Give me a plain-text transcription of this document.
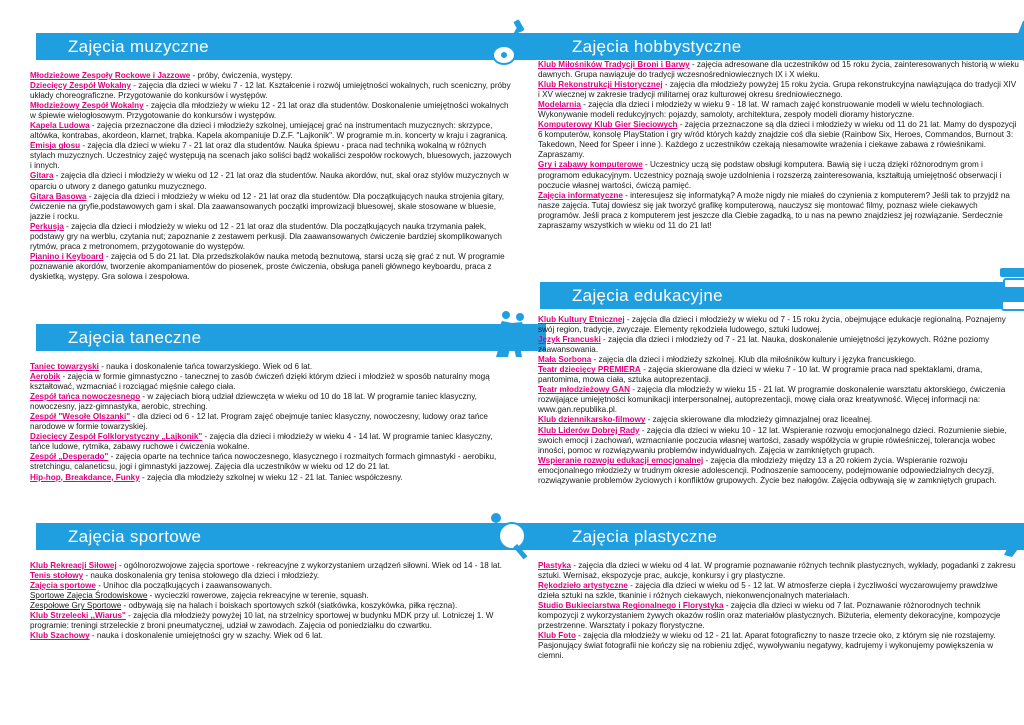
Zajęcia muzyczne

Młodzieżowe Zespoły Rockowe i Jazzowe - próby, ćwiczenia, występy.

Dziecięcy Zespół Wokalny - zajęcia dla dzieci w wieku 7 - 12 lat. Kształcenie i rozwój umiejętności wokalnych, ruch sceniczny, próby układy choreograficzne. Przygotowanie do konkursów i występów.

Młodzieżowy Zespół Wokalny - zajęcia dla młodzieży w wieku 12 - 21 lat oraz dla studentów. Doskonalenie umiejętności wokalnych w śpiewie wielogłosowym. Przygotowanie do konkursów i występów.

Kapela Ludowa - zajęcia przeznaczone dla dzieci i młodzieży szkolnej, umiejącej grać na instrumentach muzycznych: skrzypce, altówka, kontrabas, akordeon, klarnet, trąbka. Kapela akompaniuje D.Z.F. "Lajkonik". W programie m.in. koncerty w kraju i zagranicą.

Emisja głosu - zajęcia dla dzieci w wieku 7 - 21 lat oraz dla studentów. Nauka śpiewu - praca nad techniką wokalną w różnych stylach muzycznych. Uczestnicy zajęć występują na scenach jako soliści bądź wokaliści zespołów rockowych, bluesowych, jazzowych i innych.

Gitara - zajęcia dla dzieci i młodzieży w wieku od 12 - 21 lat oraz dla studentów. Nauka akordów, nut, skal oraz stylów muzycznych w oparciu o utwory z danego gatunku muzycznego.

Gitara Basowa - zajęcia dla dzieci i młodzieży w wieku od 12 - 21 lat oraz dla studentów. Dla początkujących nauka strojenia gitary, ćwiczenie na gryfie,podstawowych gam i skal. Dla zaawansowanych początki improwizacji bluesowej, skale stosowane w bluesie, jazzie i rocku.

Perkusja - zajęcia dla dzieci i młodzieży w wieku od 12 - 21 lat oraz dla studentów. Dla początkujących nauka trzymania pałek, podstawy gry na werblu, czytania nut; zapoznanie z zestawem perkusji. Dla zaawansowanych ćwiczenie bardziej skomplikowanych rytmów, praca z metronomem, przygotowanie do występów.

Pianino i Keyboard - zajęcia od 5 do 21 lat. Dla przedszkolaków nauka metodą beznutową, starsi uczą się grać z nut. W programie poznawanie akordów, tworzenie akompaniamentów do piosenek, proste ćwiczenia, obsługa paneli głównego keyboardu, praca z dyskietką, występy. Gra solowa i zespołowa.

Zajęcia taneczne

Taniec towarzyski - nauka i doskonalenie tańca towarzyskiego. Wiek od 6 lat.

Aerobik - zajęcia w formie gimnastyczno - tanecznej to zasób ćwiczeń dzięki którym dzieci i młodzież w sposób naturalny mogą kształtować, wzmacniać i rozciągać mięśnie całego ciała.

Zespół tańca nowoczesnego - w zajęciach biorą udział dziewczęta w wieku od 10 do 18 lat. W programie taniec klasyczny, nowoczesny, jazz-gimnastyka, aerobic, streching.

Zespół "Wesołe Olszanki" - dla dzieci od 6 - 12 lat. Program zajęć obejmuje taniec klasyczny, nowoczesny, ludowy oraz tańce narodowe w formie towarzyskiej.

Dziecięcy Zespół Folklorystyczny „Lajkonik" - zajęcia dla dzieci i młodzieży w wieku 4 - 14 lat. W programie taniec klasyczny, tańce ludowe, rytmika, zabawy ruchowe i ćwiczenia wokalne.

Zespół „Desperado" - zajęcia oparte na technice tańca nowoczesnego, klasycznego i rozmaitych formach gimnastyki - aerobiku, stretchingu, calaneticsu, jogi i gimnastyki jazzowej. Zajęcia dla uczestników w wieku od 12 do 21 lat.

Hip-hop, Breakdance, Funky - zajęcia dla młodzieży szkolnej w wieku 12 - 21 lat. Taniec współczesny.

Zajęcia sportowe

Klub Rekreacji Siłowej - ogólnorozwojowe zajęcia sportowe - rekreacyjne z wykorzystaniem urządzeń siłowni. Wiek od 14 - 18 lat.

Tenis stołowy - nauka doskonalenia gry tenisa stołowego dla dzieci i młodzieży.

Zajęcia sportowe - Unihoc dla początkujących i zaawansowanych.

Sportowe Zajęcia Środowiskowe - wycieczki rowerowe, zajęcia rekreacyjne w terenie, squash.

Zespołowe Gry Sportowe - odbywają się na halach i boiskach sportowych szkół (siatkówka, koszykówka, piłka ręczna).

Klub Strzelecki ,,Wiarus" - zajęcia dla młodzieży powyżej 10 lat, na strzelnicy sportowej w budynku MDK przy ul. Lotniczej 1. W programie: treningi strzeleckie z broni pneumatycznej, udział w zawodach. Zajęcia od poniedziałku do czwartku.

Klub Szachowy - nauka i doskonalenie umiejętności gry w szachy. Wiek od 6 lat.

Zajęcia hobbystyczne

Klub Miłośników Tradycji Broni i Barwy - zajęcia adresowane dla uczestników od 15 roku życia, zainteresowanych historią w wieku dawnych. Grupa nawiązuje do tradycji wczesnośredniowiecznych IX i X wieku.

Klub Rekonstrukcji Historycznej - zajęcia dla młodzieży powyżej 15 roku życia. Grupa rekonstrukcyjna nawiązująca do tradycji XIV i XV wiecznej w zakresie tradycji militarnej oraz kulturowej okresu średniowiecznego.

Modelarnia - zajęcia dla dzieci i młodzieży w wieku 9 - 18 lat. W ramach zajęć konstruowanie modeli w wielu technologiach. Wykonywanie modeli redukcyjnych: pojazdy, samoloty, architektura, zespoły modeli dioramy historyczne.

Komputerowy Klub Gier Sieciowych - zajęcia przeznaczone są dla dzieci i młodzieży w wieku od 11 do 21 lat. Mamy do dyspozycji 6 komputerów, konsolę PlayStation i gry w/ród których każdy znajdzie coś dla siebie (Rainbow Six, Heroes, Commandos, Burnout 3: Takedown, Need for Speer i inne ). Każdego z uczestników czekają niesamowite wrażenia i ciekawe zabawa z rówieśnikami. Zapraszamy.

Gry i zabawy komputerowe - Uczestnicy uczą się podstaw obsługi komputera. Bawią się i uczą dzięki różnorodnym grom i programom edukacyjnym. Uczestnicy poznają swoje uzdolnienia i rozszerzą zainteresowania, kształtują umiejętność obserwacji i poczucie własnej wartości, ćwiczą pamięć.

Zajęcia informatyczne - interesujesz się informatyką? A może nigdy nie miałeś do czynienia z komputerem? Jeśli tak to przyjdź na nasze zajęcia. Tutaj dowiesz się jak tworzyć grafikę komputerową, nauczysz się montować filmy, poznasz wiele ciekawych programów. Jeśli praca z komputerem jest jeszcze dla Ciebie zagadką, to u nas na pewno znajdziesz jej rozwiązanie. Serdecznie zapraszamy wszystkich w wieku od 11 do 21 lat!

Zajęcia edukacyjne

Klub Kultury Etnicznej - zajęcia dla dzieci i młodzieży w wieku od 7 - 15 roku życia, obejmujące edukacje regionalną. Poznajemy swój region, tradycje, zwyczaje. Elementy rękodzieła ludowego, sztuki ludowej.

Język Francuski - zajęcia dla dzieci i młodzieży od 7 - 21 lat. Nauka, doskonalenie umiejętności językowych. Różne poziomy zaawansowania.

Mała Sorbona - zajęcia dla dzieci i młodzieży szkolnej. Klub dla miłośników kultury i języka francuskiego.

Teatr dziecięcy PREMIERA - zajęcia skierowane dla dzieci w wieku 7 - 10 lat. W programie praca nad spektaklami, drama, pantomima, mowa ciała, sztuka autoprezentacji.

Teatr młodzieżowy GAN - zajęcia dla młodzieży w wieku 15 - 21 lat. W programie doskonalenie warsztatu aktorskiego, ćwiczenia rozwijające umiejętności komunikacji interpersonalnej, autoprezentacji, mowę ciała oraz kreatywność. Więcej informacji na: www.gan.republika.pl.

Klub dziennikarsko-filmowy - zajęcia skierowane dla młodzieży gimnazjalnej oraz licealnej.

Klub Liderów Dobrej Rady - zajęcia dla dzieci w wieku 10 - 12 lat. Wspieranie rozwoju emocjonalnego dzieci. Rozumienie siebie, swoich emocji i zachowań, wzmacnianie poczucia własnej wartości, zasady współżycia w grupie rówieśniczej, tolerancja wobec inności, pomoc w rozwiązywaniu problemów indywidualnych. Zajęcia w zamkniętych grupach.

Wspieranie rozwoju edukacji emocjonalnej - zajęcia dla młodzieży między 13 a 20 rokiem życia. Wspieranie rozwoju emocjonalnego młodzieży w trudnym okresie adolescencji. Podnoszenie samooceny, podejmowanie odpowiedzialnych decyzji, rozwiązywanie problemów życiowych i konfliktów grupowych. Życie bez nałogów. Zajęcia odbywają się w zamkniętych grupach.

Zajęcia plastyczne

Plastyka - zajęcia dla dzieci w wieku od 4 lat. W programie poznawanie różnych technik plastycznych, wykłady, pogadanki z zakresu sztuki. Wernisaż, ekspozycje prac, aukcje, konkursy i gry plastyczne.

Rękodzieło artystyczne - zajęcia dla dzieci w wieku od 5 - 12 lat. W atmosferze ciepła i życzliwości wyczarowujemy prawdziwe dzieła sztuki na szkle, tkaninie i różnych ciekawych, niekonwencjonalnych materiałach.

Studio Bukieciarstwa Regionalnego i Florystyka - zajęcia dla dzieci w wieku od 7 lat. Poznawanie różnorodnych technik kompozycji z wykorzystaniem żywych okazów roślin oraz materiałów plastycznych. Biżuteria, elementy dekoracyjne, kompozycje przestrzenne. Warsztaty i pokazy florystyczne.

Klub Foto - zajęcia dla młodzieży w wieku od 12 - 21 lat. Aparat fotograficzny to nasze trzecie oko, z którym się nie rozstajemy. Pasjonujący świat fotografii nie kończy się na robieniu zdjęć, wywoływaniu negatywy, kadrujemy i wykonujemy powiększenia w ciemni.
